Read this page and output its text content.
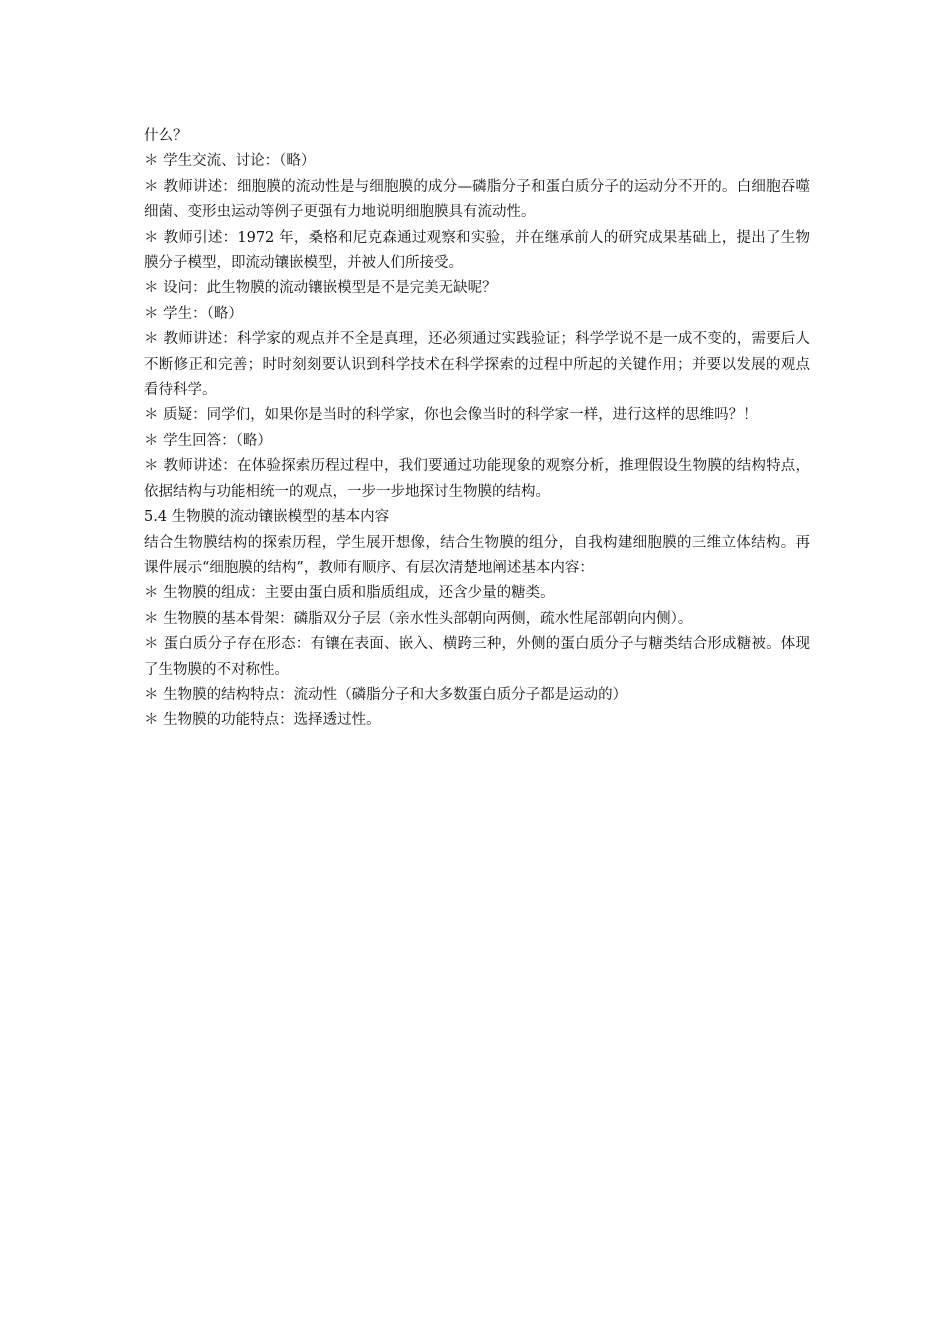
什么？

＊ 学生交流、讨论：（略）

＊ 教师讲述：细胞膜的流动性是与细胞膜的成分—磷脂分子和蛋白质分子的运动分不开的。白细胞吞噬细菌、变形虫运动等例子更强有力地说明细胞膜具有流动性。

＊ 教师引述：1972 年，桑格和尼克森通过观察和实验，并在继承前人的研究成果基础上，提出了生物膜分子模型，即流动镶嵌模型，并被人们所接受。

＊ 设问：此生物膜的流动镶嵌模型是不是完美无缺呢？

＊ 学生：（略）

＊ 教师讲述：科学家的观点并不全是真理，还必须通过实践验证；科学学说不是一成不变的，需要后人不断修正和完善；时时刻刻要认识到科学技术在科学探索的过程中所起的关键作用；并要以发展的观点看待科学。

＊ 质疑：同学们，如果你是当时的科学家，你也会像当时的科学家一样，进行这样的思维吗？！

＊ 学生回答：（略）

＊ 教师讲述：在体验探索历程过程中，我们要通过功能现象的观察分析，推理假设生物膜的结构特点，依据结构与功能相统一的观点，一步一步地探讨生物膜的结构。

5.4 生物膜的流动镶嵌模型的基本内容

结合生物膜结构的探索历程，学生展开想像，结合生物膜的组分，自我构建细胞膜的三维立体结构。再课件展示“细胞膜的结构”，教师有顺序、有层次清楚地阐述基本内容：

＊ 生物膜的组成：主要由蛋白质和脂质组成，还含少量的糖类。

＊ 生物膜的基本骨架：磷脂双分子层（亲水性头部朝向两侧，疏水性尾部朝向内侧）。

＊ 蛋白质分子存在形态：有镶在表面、嵌入、横跨三种，外侧的蛋白质分子与糖类结合形成糖被。体现了生物膜的不对称性。

＊ 生物膜的结构特点：流动性（磷脂分子和大多数蛋白质分子都是运动的）

＊ 生物膜的功能特点：选择透过性。
